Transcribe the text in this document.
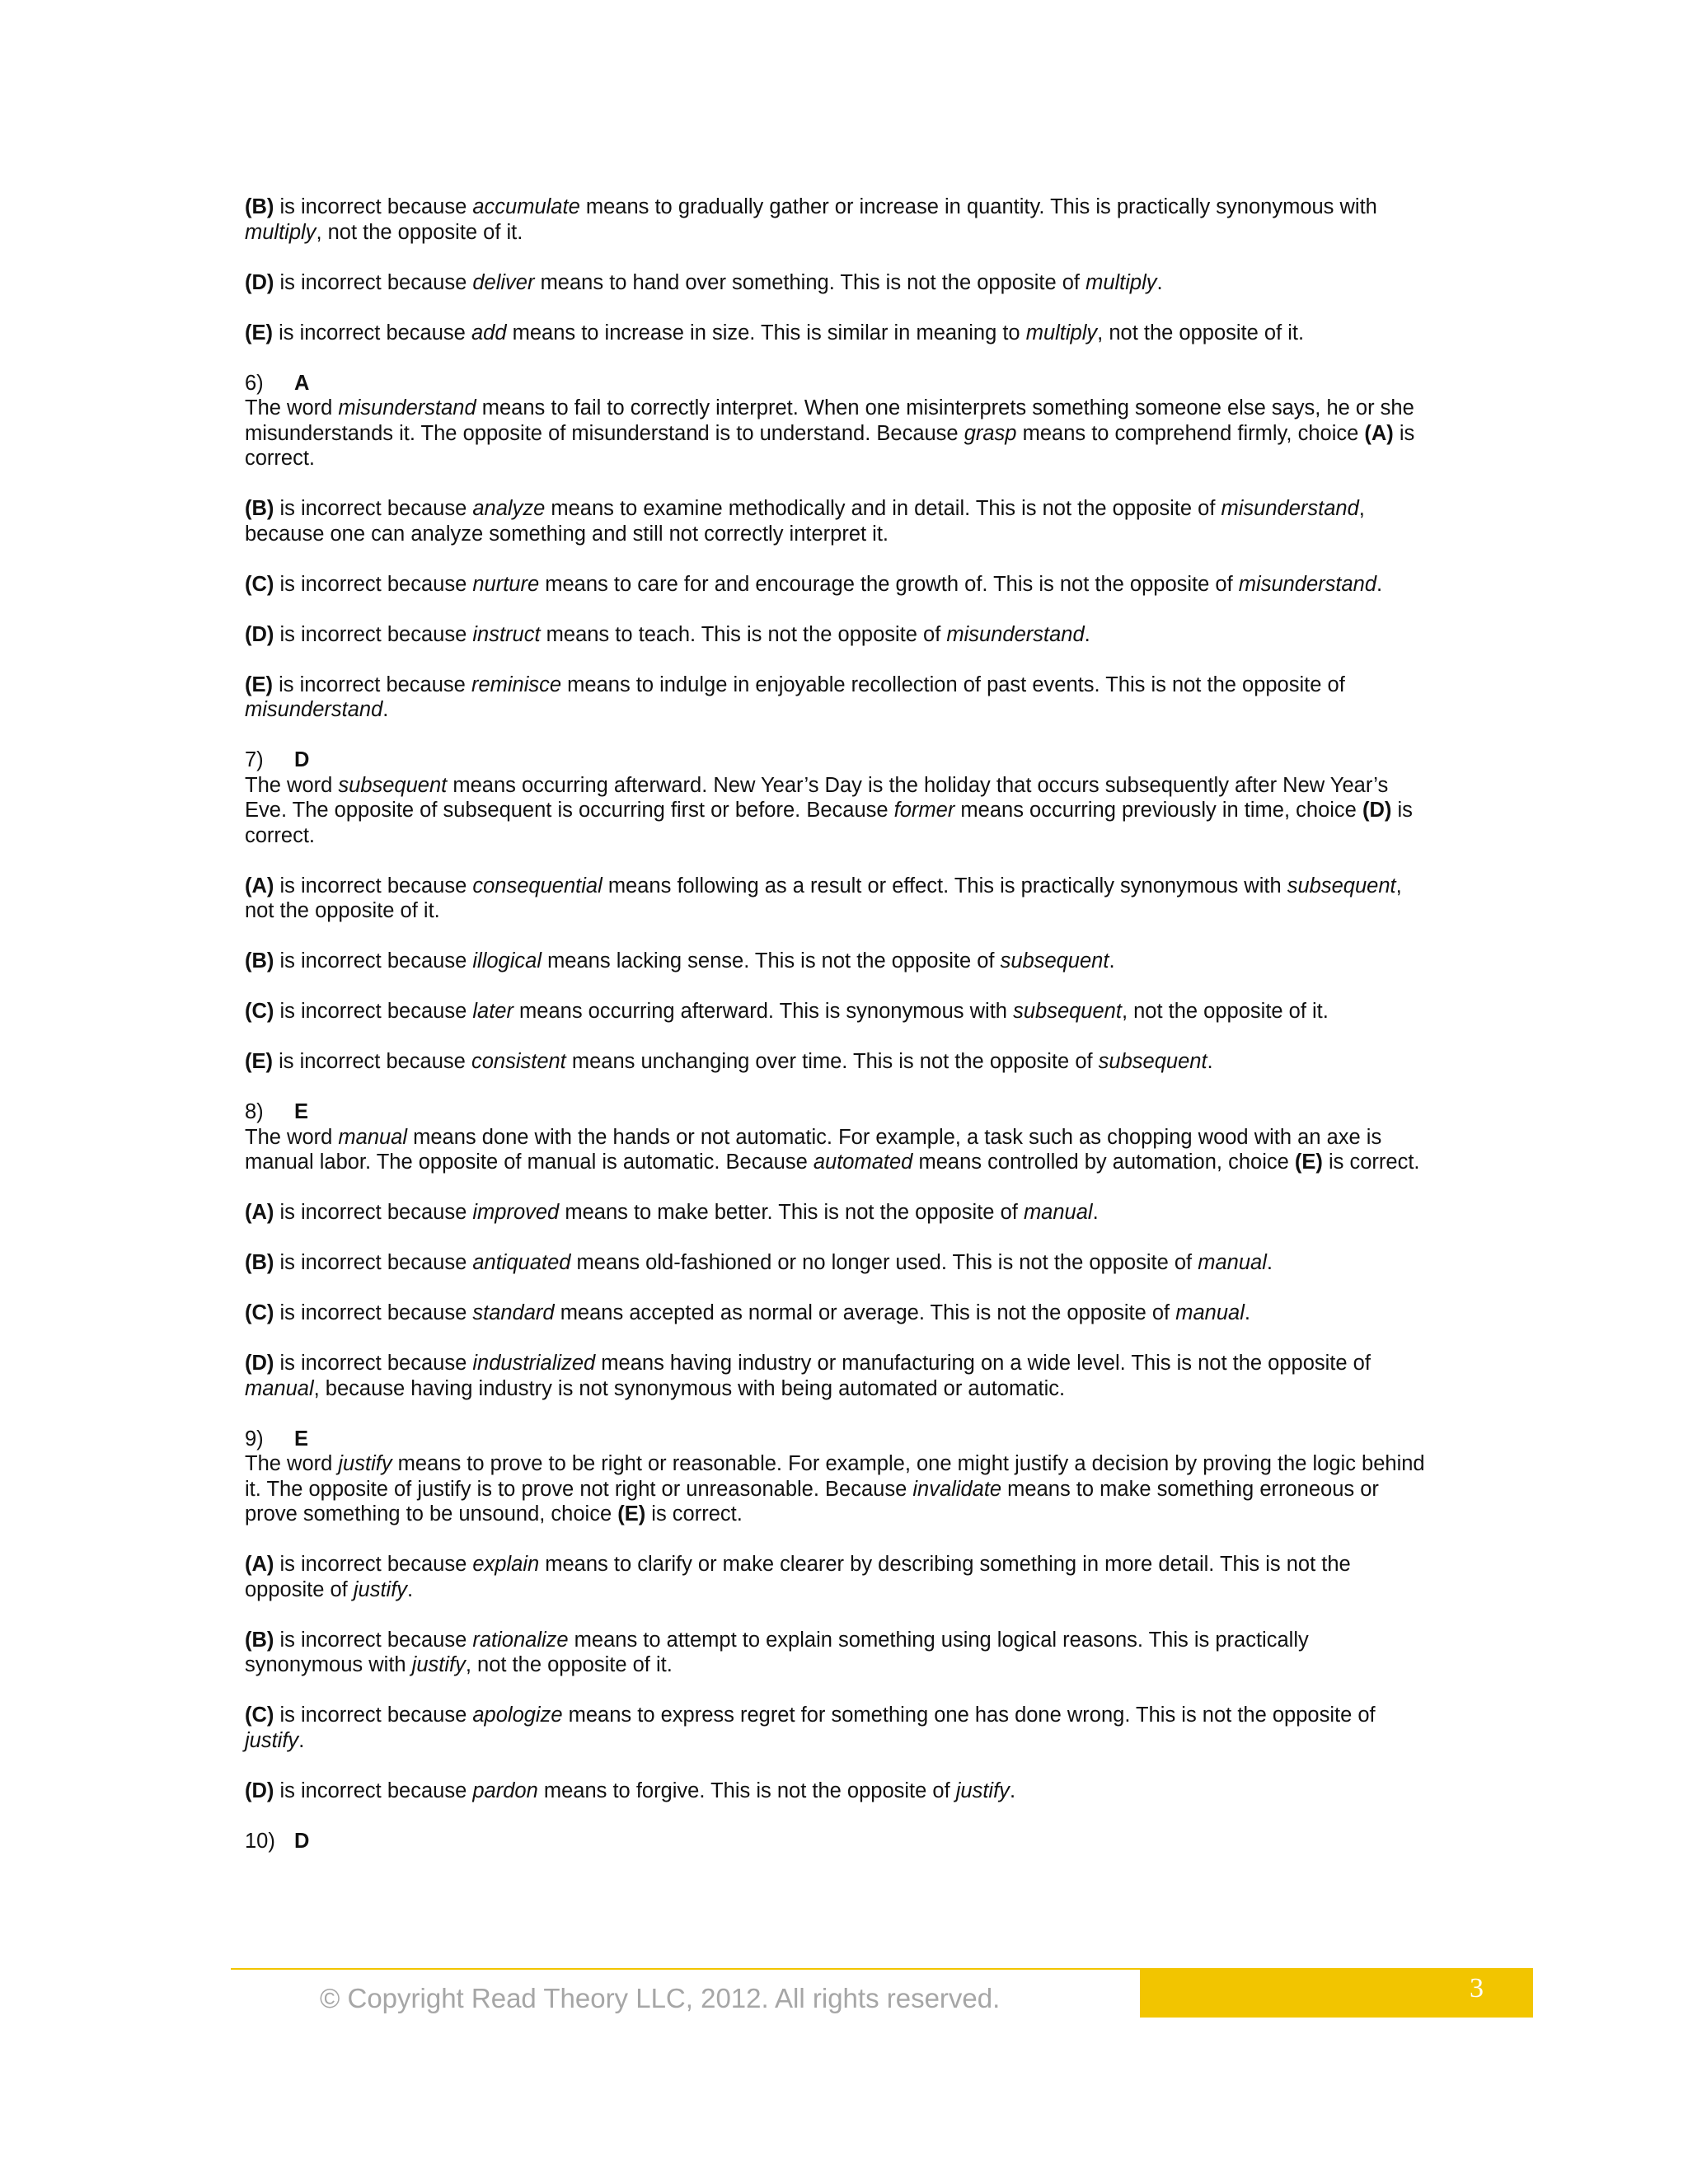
(B) is incorrect because accumulate means to gradually gather or increase in quantity. This is practically synonymous with multiply, not the opposite of it.
(D) is incorrect because deliver means to hand over something. This is not the opposite of multiply.
(E) is incorrect because add means to increase in size. This is similar in meaning to multiply, not the opposite of it.
6) A
The word misunderstand means to fail to correctly interpret. When one misinterprets something someone else says, he or she misunderstands it. The opposite of misunderstand is to understand. Because grasp means to comprehend firmly, choice (A) is correct.
(B) is incorrect because analyze means to examine methodically and in detail. This is not the opposite of misunderstand, because one can analyze something and still not correctly interpret it.
(C) is incorrect because nurture means to care for and encourage the growth of. This is not the opposite of misunderstand.
(D) is incorrect because instruct means to teach. This is not the opposite of misunderstand.
(E) is incorrect because reminisce means to indulge in enjoyable recollection of past events. This is not the opposite of misunderstand.
7) D
The word subsequent means occurring afterward. New Year’s Day is the holiday that occurs subsequently after New Year’s Eve. The opposite of subsequent is occurring first or before. Because former means occurring previously in time, choice (D) is correct.
(A) is incorrect because consequential means following as a result or effect. This is practically synonymous with subsequent, not the opposite of it.
(B) is incorrect because illogical means lacking sense. This is not the opposite of subsequent.
(C) is incorrect because later means occurring afterward. This is synonymous with subsequent, not the opposite of it.
(E) is incorrect because consistent means unchanging over time. This is not the opposite of subsequent.
8) E
The word manual means done with the hands or not automatic. For example, a task such as chopping wood with an axe is manual labor. The opposite of manual is automatic. Because automated means controlled by automation, choice (E) is correct.
(A) is incorrect because improved means to make better. This is not the opposite of manual.
(B) is incorrect because antiquated means old-fashioned or no longer used. This is not the opposite of manual.
(C) is incorrect because standard means accepted as normal or average. This is not the opposite of manual.
(D) is incorrect because industrialized means having industry or manufacturing on a wide level. This is not the opposite of manual, because having industry is not synonymous with being automated or automatic.
9) E
The word justify means to prove to be right or reasonable. For example, one might justify a decision by proving the logic behind it. The opposite of justify is to prove not right or unreasonable. Because invalidate means to make something erroneous or prove something to be unsound, choice (E) is correct.
(A) is incorrect because explain means to clarify or make clearer by describing something in more detail. This is not the opposite of justify.
(B) is incorrect because rationalize means to attempt to explain something using logical reasons. This is practically synonymous with justify, not the opposite of it.
(C) is incorrect because apologize means to express regret for something one has done wrong. This is not the opposite of justify.
(D) is incorrect because pardon means to forgive. This is not the opposite of justify.
10) D
3
© Copyright Read Theory LLC, 2012. All rights reserved.
